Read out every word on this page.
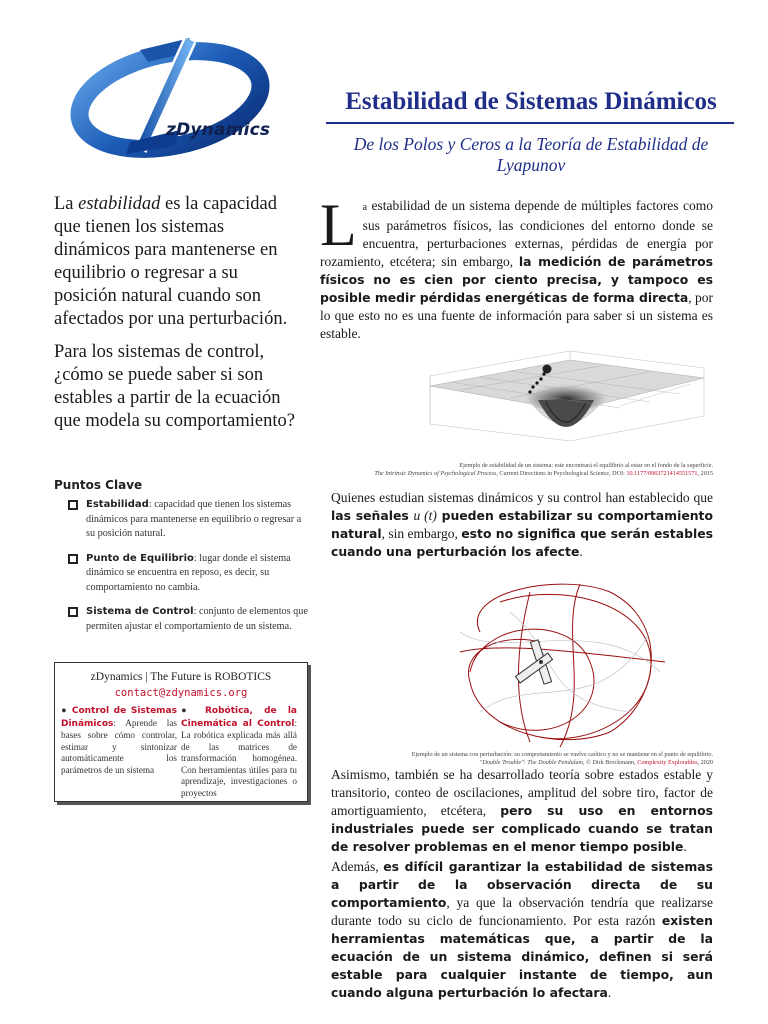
zDynamics
Estabilidad de Sistemas Dinámicos
De los Polos y Ceros a la Teoría de Estabilidad de Lyapunov

La estabilidad es la capacidad que tienen los sistemas dinámicos para mantenerse en equilibrio o regresar a su posición natural cuando son afectados por una perturbación.

Para los sistemas de control, ¿cómo se puede saber si son estables a partir de la ecuación que modela su comportamiento?

Puntos Clave
Estabilidad: capacidad que tienen los sistemas dinámicos para mantenerse en equilibrio o regresar a su posición natural.
Punto de Equilibrio: lugar donde el sistema dinámico se encuentra en reposo, es decir, su comportamiento no cambia.
Sistema de Control: conjunto de elementos que permiten ajustar el comportamiento de un sistema.
zDynamics | The Future is ROBOTICS
contact@zdynamics.org
● Control de Sistemas Dinámicos: Aprende las bases sobre cómo controlar, estimar y sintonizar automáticamente los parámetros de un sistema
● Robótica, de la Cinemática al Control: La robótica explicada más allá de las matrices de transformación homogénea. Con herramientas útiles para tu aprendizaje, investigaciones o proyectos
La estabilidad de un sistema depende de múltiples factores como sus parámetros físicos, las condiciones del entorno donde se encuentra, perturbaciones externas, pérdidas de energía por rozamiento, etcétera; sin embargo, la medición de parámetros físicos no es cien por ciento precisa, y tampoco es posible medir pérdidas energéticas de forma directa, por lo que esto no es una fuente de información para saber si un sistema es estable.
Ejemplo de estabilidad de un sistema: este encontrará el equilibrio al estar en el fondo de la superficie.
The Intrinsic Dynamics of Psychological Process, Current Directions in Psychological Science, DOI: 10.1177/0963721414551571, 2015
Quienes estudian sistemas dinámicos y su control han establecido que las señales u (t) pueden estabilizar su comportamiento natural, sin embargo, esto no significa que serán estables cuando una perturbación los afecte.
Ejemplo de un sistema con perturbación: su comportamiento se vuelve caótico y no se mantiene en el punto de equilibrio.
"Double Trouble": The Double Pendulum, © Dirk Brockmann, Complexity Explorables, 2020
Asimismo, también se ha desarrollado teoría sobre estados estable y transitorio, conteo de oscilaciones, amplitud del sobre tiro, factor de amortiguamiento, etcétera, pero su uso en entornos industriales puede ser complicado cuando se tratan de resolver problemas en el menor tiempo posible.
Además, es difícil garantizar la estabilidad de sistemas a partir de la observación directa de su comportamiento, ya que la observación tendría que realizarse durante todo su ciclo de funcionamiento. Por esta razón existen herramientas matemáticas que, a partir de la ecuación de un sistema dinámico, definen si será estable para cualquier instante de tiempo, aun cuando alguna perturbación lo afectara.
